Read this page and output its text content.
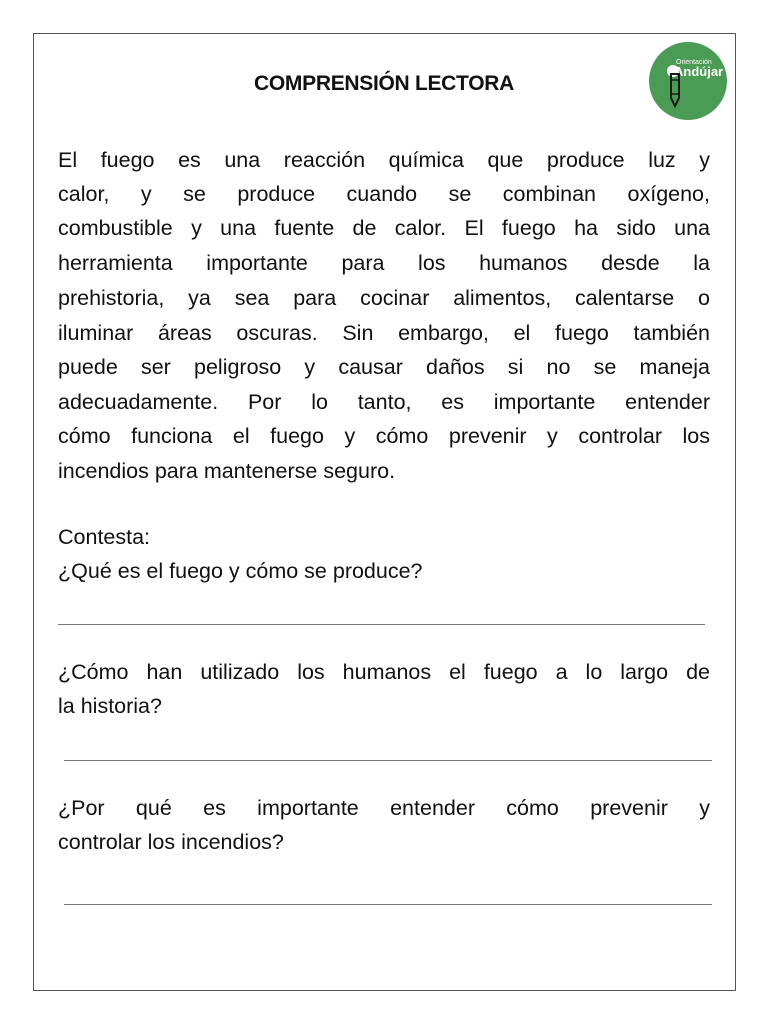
COMPRENSIÓN LECTORA
Orientación
Andújar
El fuego es una reacción química que produce luz y
calor, y se produce cuando se combinan oxígeno,
combustible y una fuente de calor. El fuego ha sido una
herramienta importante para los humanos desde la
prehistoria, ya sea para cocinar alimentos, calentarse o
iluminar áreas oscuras. Sin embargo, el fuego también
puede ser peligroso y causar daños si no se maneja
adecuadamente. Por lo tanto, es importante entender
cómo funciona el fuego y cómo prevenir y controlar los
incendios para mantenerse seguro.
Contesta:
¿Qué es el fuego y cómo se produce?
¿Cómo han utilizado los humanos el fuego a lo largo de
la historia?
¿Por qué es importante entender cómo prevenir y
controlar los incendios?
